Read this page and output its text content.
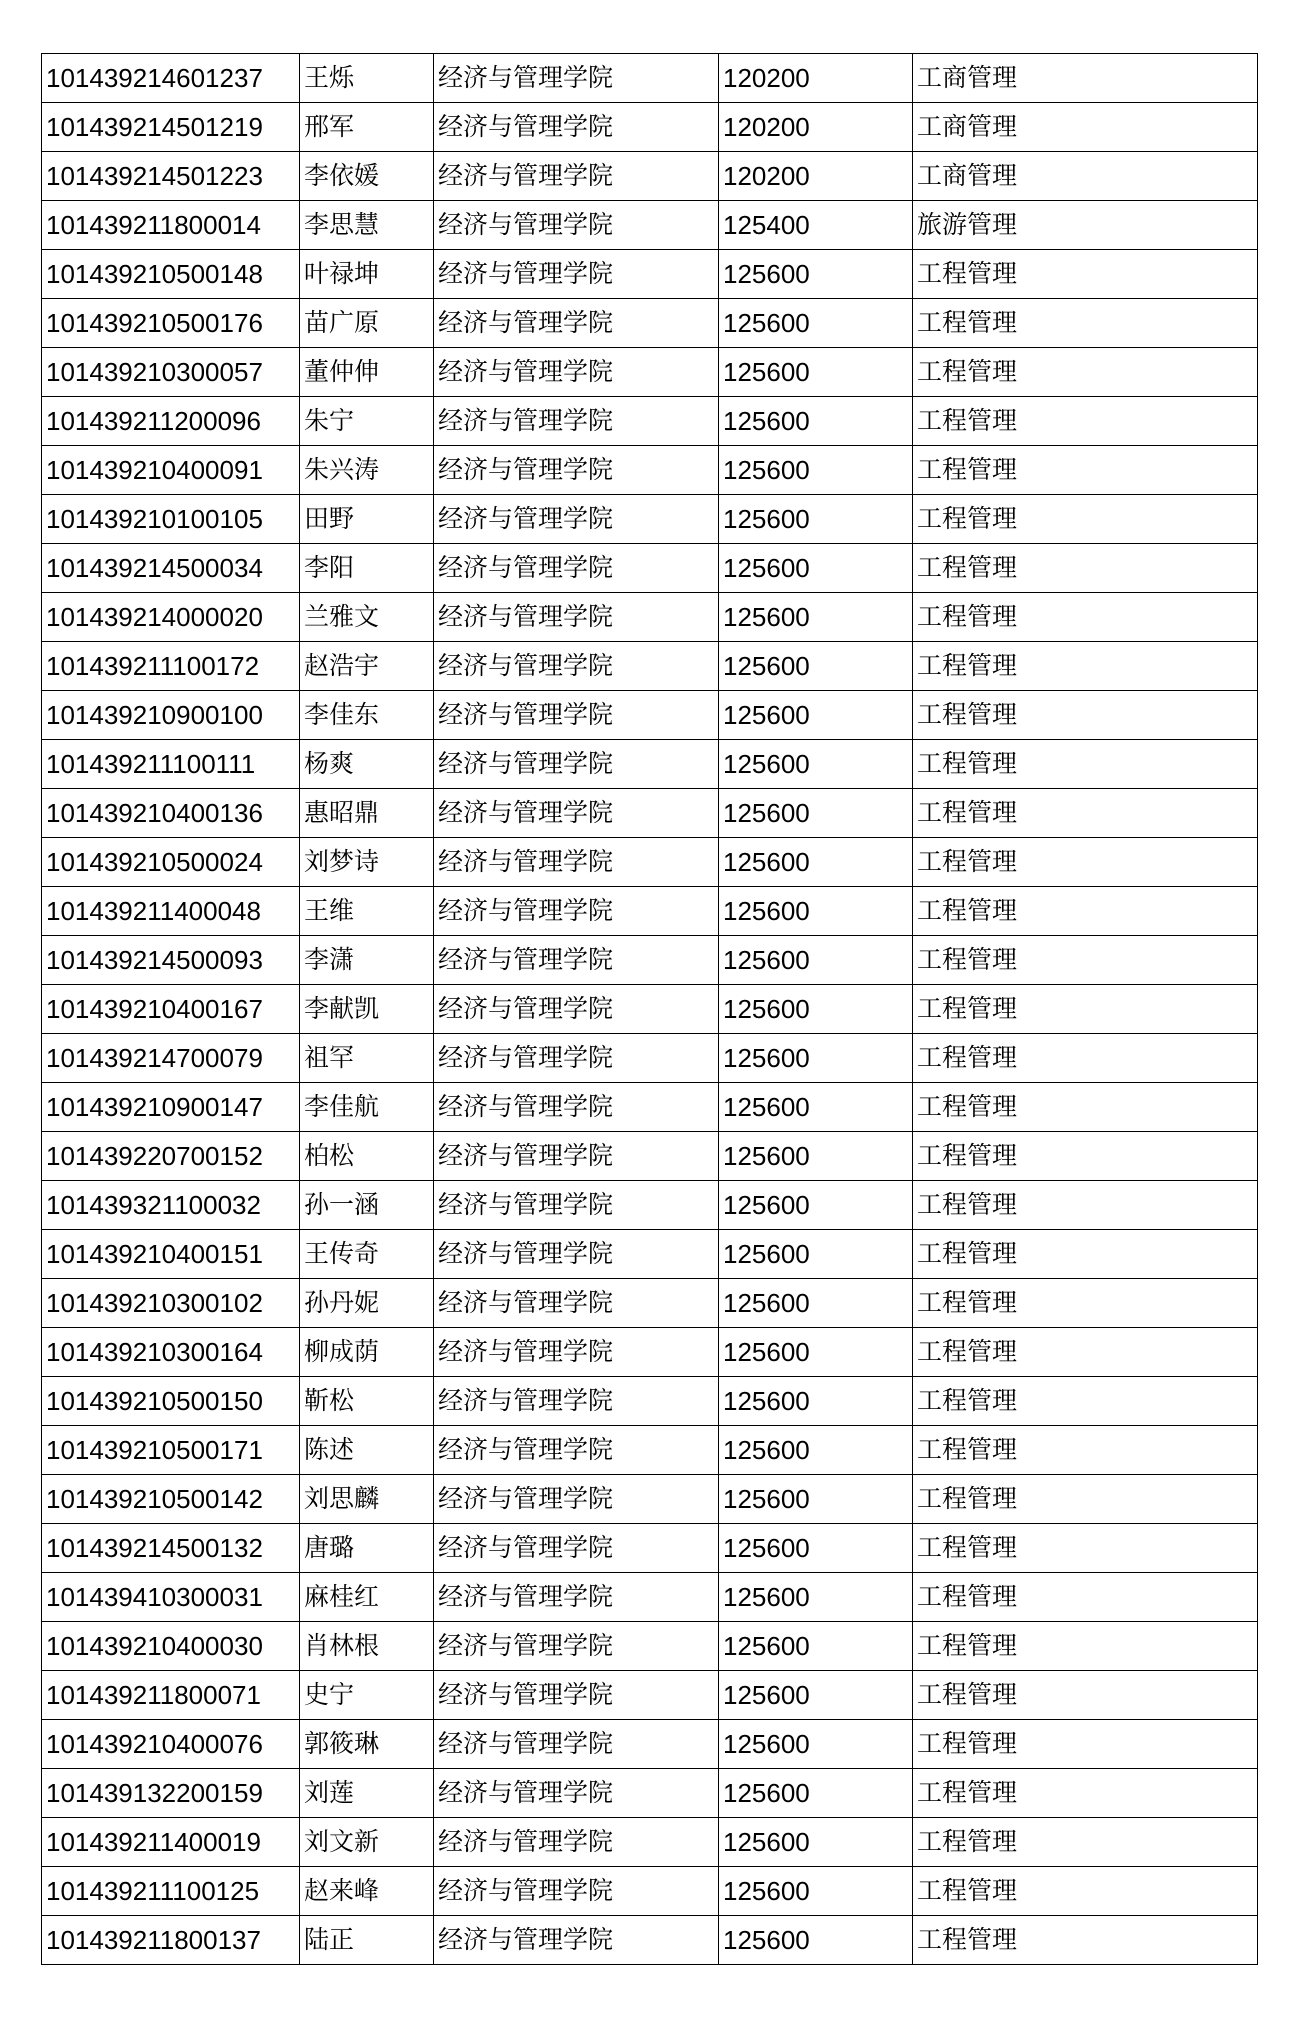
101439214601237	王烁	经济与管理学院	120200	工商管理
101439214501219	邢军	经济与管理学院	120200	工商管理
101439214501223	李依媛	经济与管理学院	120200	工商管理
101439211800014	李思慧	经济与管理学院	125400	旅游管理
101439210500148	叶禄坤	经济与管理学院	125600	工程管理
101439210500176	苗广原	经济与管理学院	125600	工程管理
101439210300057	董仲伸	经济与管理学院	125600	工程管理
101439211200096	朱宁	经济与管理学院	125600	工程管理
101439210400091	朱兴涛	经济与管理学院	125600	工程管理
101439210100105	田野	经济与管理学院	125600	工程管理
101439214500034	李阳	经济与管理学院	125600	工程管理
101439214000020	兰雅文	经济与管理学院	125600	工程管理
101439211100172	赵浩宇	经济与管理学院	125600	工程管理
101439210900100	李佳东	经济与管理学院	125600	工程管理
101439211100111	杨爽	经济与管理学院	125600	工程管理
101439210400136	惠昭鼎	经济与管理学院	125600	工程管理
101439210500024	刘梦诗	经济与管理学院	125600	工程管理
101439211400048	王维	经济与管理学院	125600	工程管理
101439214500093	李潇	经济与管理学院	125600	工程管理
101439210400167	李献凯	经济与管理学院	125600	工程管理
101439214700079	祖罕	经济与管理学院	125600	工程管理
101439210900147	李佳航	经济与管理学院	125600	工程管理
101439220700152	柏松	经济与管理学院	125600	工程管理
101439321100032	孙一涵	经济与管理学院	125600	工程管理
101439210400151	王传奇	经济与管理学院	125600	工程管理
101439210300102	孙丹妮	经济与管理学院	125600	工程管理
101439210300164	柳成荫	经济与管理学院	125600	工程管理
101439210500150	靳松	经济与管理学院	125600	工程管理
101439210500171	陈述	经济与管理学院	125600	工程管理
101439210500142	刘思麟	经济与管理学院	125600	工程管理
101439214500132	唐璐	经济与管理学院	125600	工程管理
101439410300031	麻桂红	经济与管理学院	125600	工程管理
101439210400030	肖林根	经济与管理学院	125600	工程管理
101439211800071	史宁	经济与管理学院	125600	工程管理
101439210400076	郭筱琳	经济与管理学院	125600	工程管理
101439132200159	刘莲	经济与管理学院	125600	工程管理
101439211400019	刘文新	经济与管理学院	125600	工程管理
101439211100125	赵来峰	经济与管理学院	125600	工程管理
101439211800137	陆正	经济与管理学院	125600	工程管理
